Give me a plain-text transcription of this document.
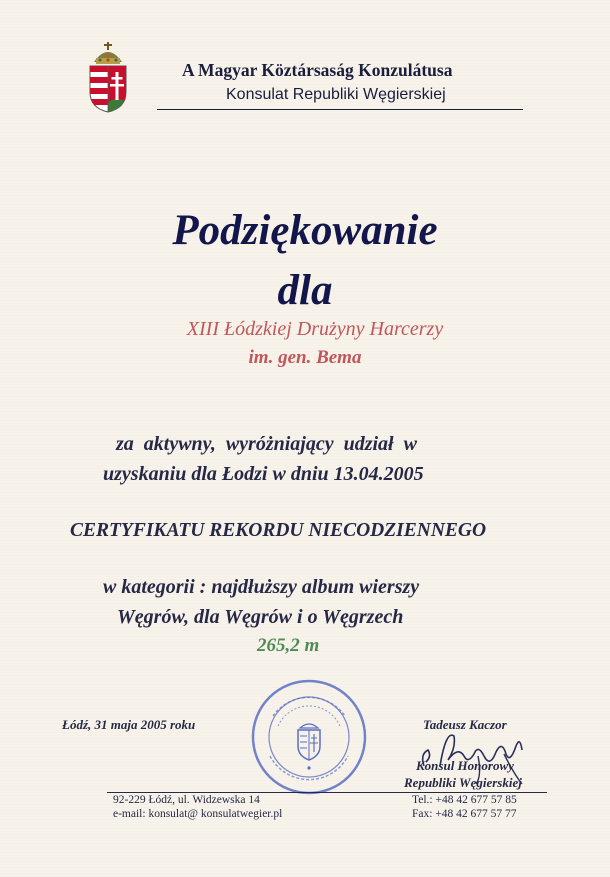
A Magyar Köztársaság Konzulátusa
Konsulat Republiki Węgierskiej
Podziękowanie
dla
XIII Łódzkiej Drużyny Harcerzy
im. gen. Bema
za  aktywny,  wyróżniający  udział  w
uzyskaniu dla Łodzi w dniu 13.04.2005
CERTYFIKATU REKORDU NIECODZIENNEGO
w kategorii : najdłuższy album wierszy
Węgrów, dla Węgrów i o Węgrzech
265,2 m
Łódź, 31 maja 2005 roku	Tadeusz Kaczor
Konsul Honorowy
Republiki Węgierskiej
92-229 Łódź, ul. Widzewska 14
e-mail: konsulat@ konsulatwegier.pl
Tel.: +48 42 677 57 85
Fax: +48 42 677 57 77
